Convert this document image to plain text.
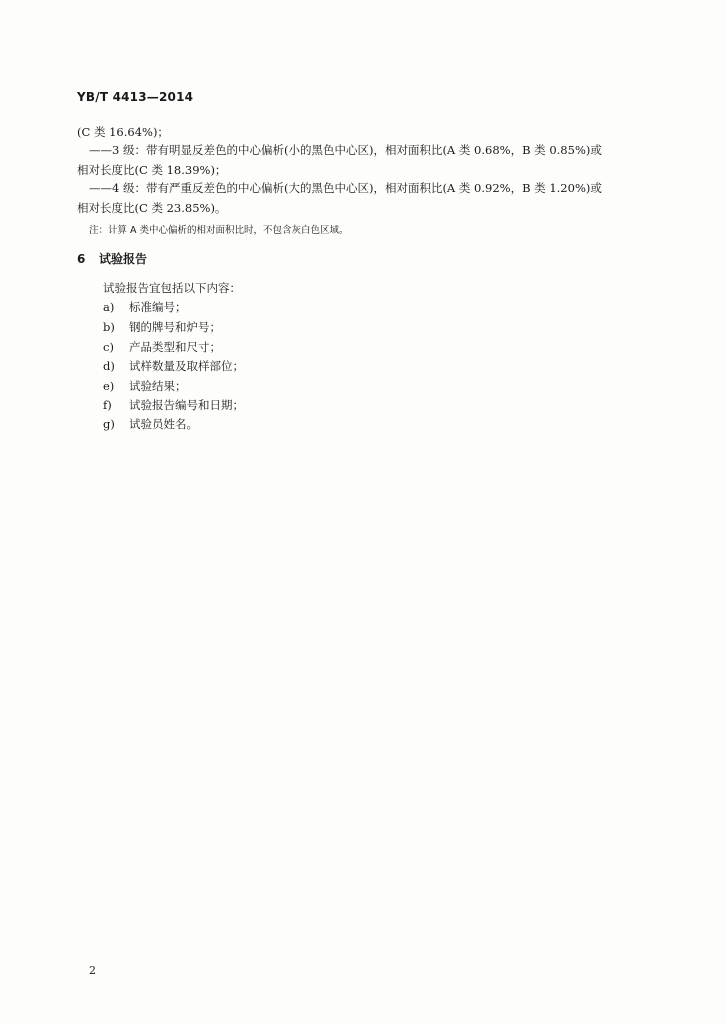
YB/T 4413—2014
(C 类 16.64%)；
——3 级：带有明显反差色的中心偏析(小的黑色中心区)，相对面积比(A 类 0.68%，B 类 0.85%)或
相对长度比(C 类 18.39%)；
——4 级：带有严重反差色的中心偏析(大的黑色中心区)，相对面积比(A 类 0.92%，B 类 1.20%)或
相对长度比(C 类 23.85%)。
注：计算 A 类中心偏析的相对面积比时，不包含灰白色区域。
6 试验报告
试验报告宜包括以下内容：
a) 标准编号；
b) 钢的牌号和炉号；
c) 产品类型和尺寸；
d) 试样数量及取样部位；
e) 试验结果；
f) 试验报告编号和日期；
g) 试验员姓名。
2
